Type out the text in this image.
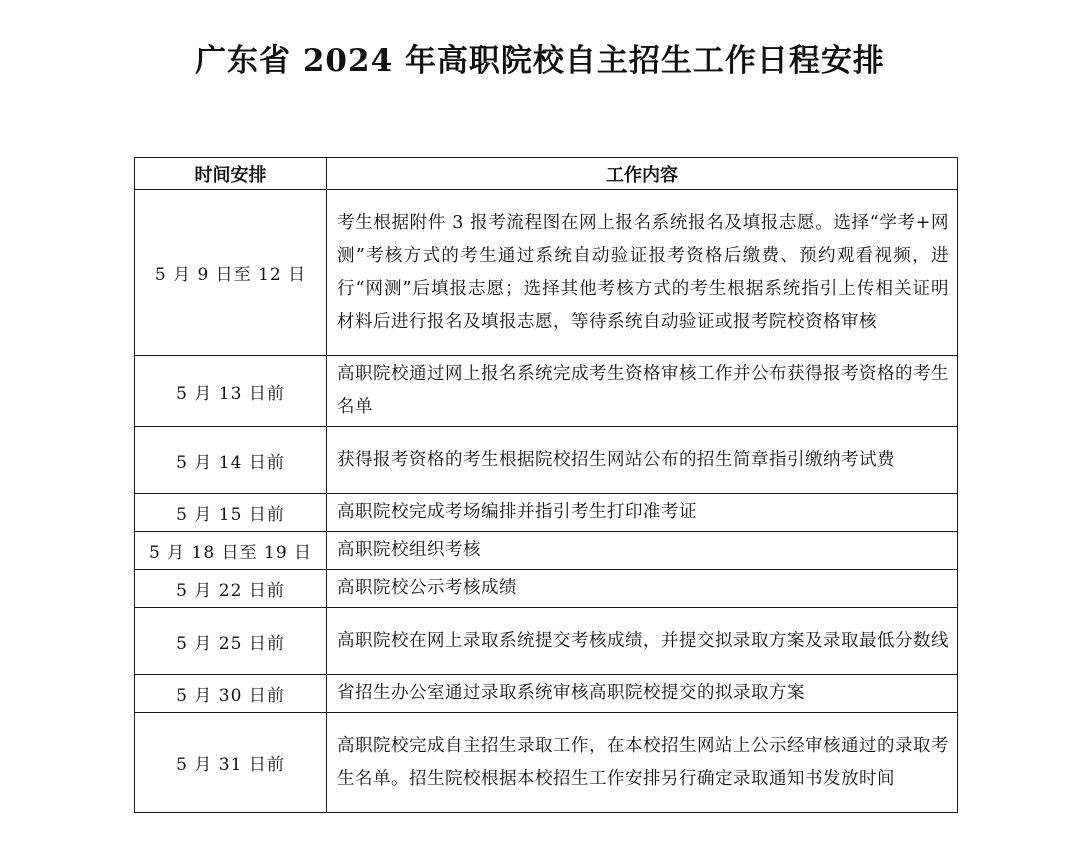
广东省 2024 年高职院校自主招生工作日程安排
时间安排	工作内容
5 月 9 日至 12 日	考生根据附件 3 报考流程图在网上报名系统报名及填报志愿。选择“学考+网测”考核方式的考生通过系统自动验证报考资格后缴费、预约观看视频，进行“网测”后填报志愿；选择其他考核方式的考生根据系统指引上传相关证明材料后进行报名及填报志愿，等待系统自动验证或报考院校资格审核
5 月 13 日前	高职院校通过网上报名系统完成考生资格审核工作并公布获得报考资格的考生名单
5 月 14 日前	获得报考资格的考生根据院校招生网站公布的招生简章指引缴纳考试费
5 月 15 日前	高职院校完成考场编排并指引考生打印准考证
5 月 18 日至 19 日	高职院校组织考核
5 月 22 日前	高职院校公示考核成绩
5 月 25 日前	高职院校在网上录取系统提交考核成绩，并提交拟录取方案及录取最低分数线
5 月 30 日前	省招生办公室通过录取系统审核高职院校提交的拟录取方案
5 月 31 日前	高职院校完成自主招生录取工作，在本校招生网站上公示经审核通过的录取考生名单。招生院校根据本校招生工作安排另行确定录取通知书发放时间
